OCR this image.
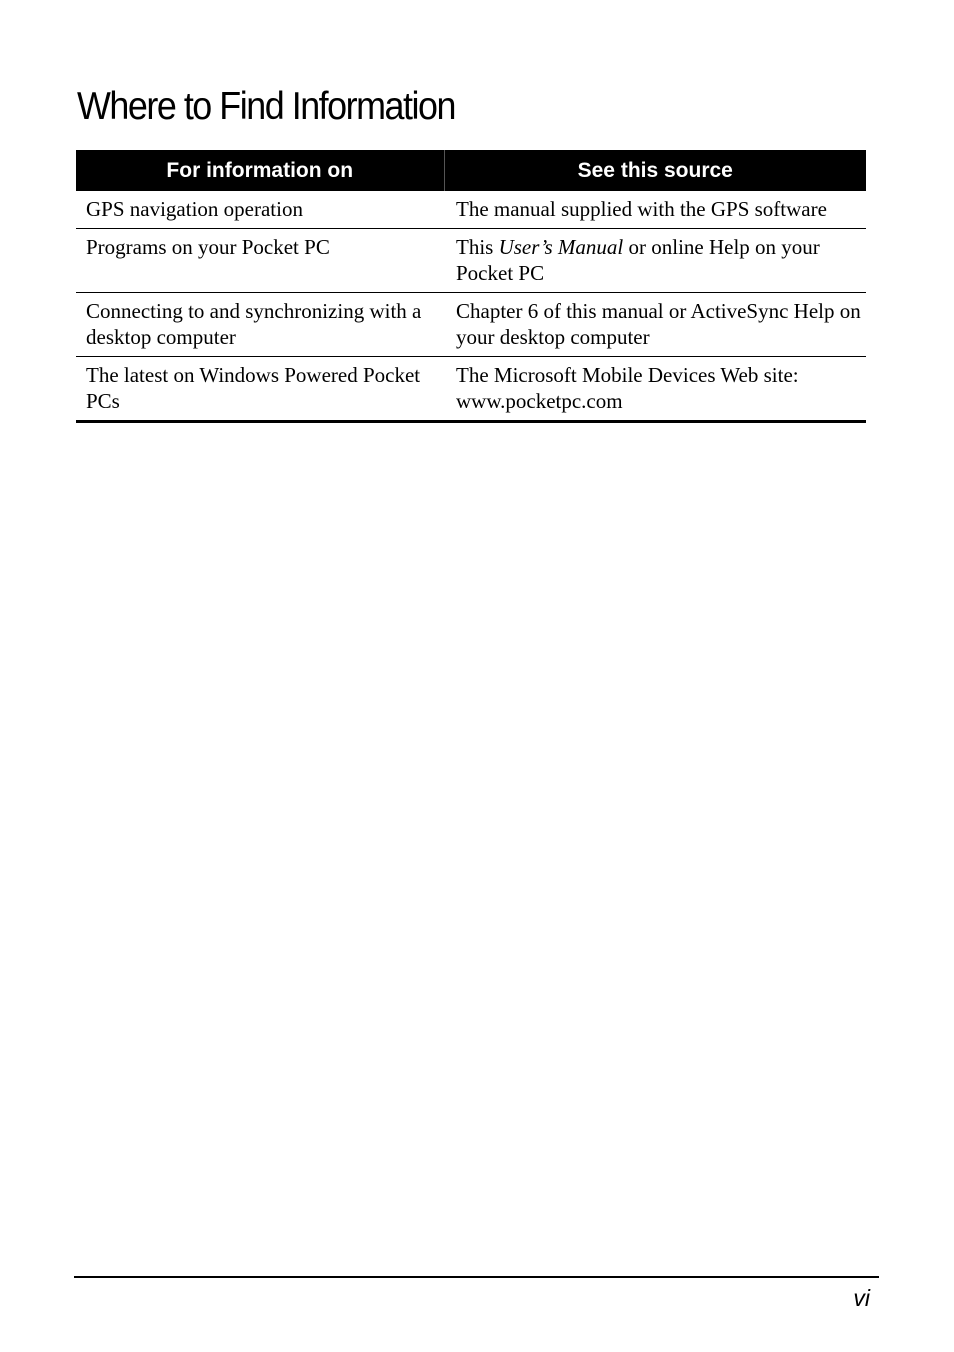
Where to Find Information
For information on	See this source
GPS navigation operation	The manual supplied with the GPS software
Programs on your Pocket PC	This User’s Manual or online Help on your Pocket PC
Connecting to and synchronizing with a desktop computer	Chapter 6 of this manual or ActiveSync Help on your desktop computer
The latest on Windows Powered Pocket PCs	The Microsoft Mobile Devices Web site: www.pocketpc.com
vi
